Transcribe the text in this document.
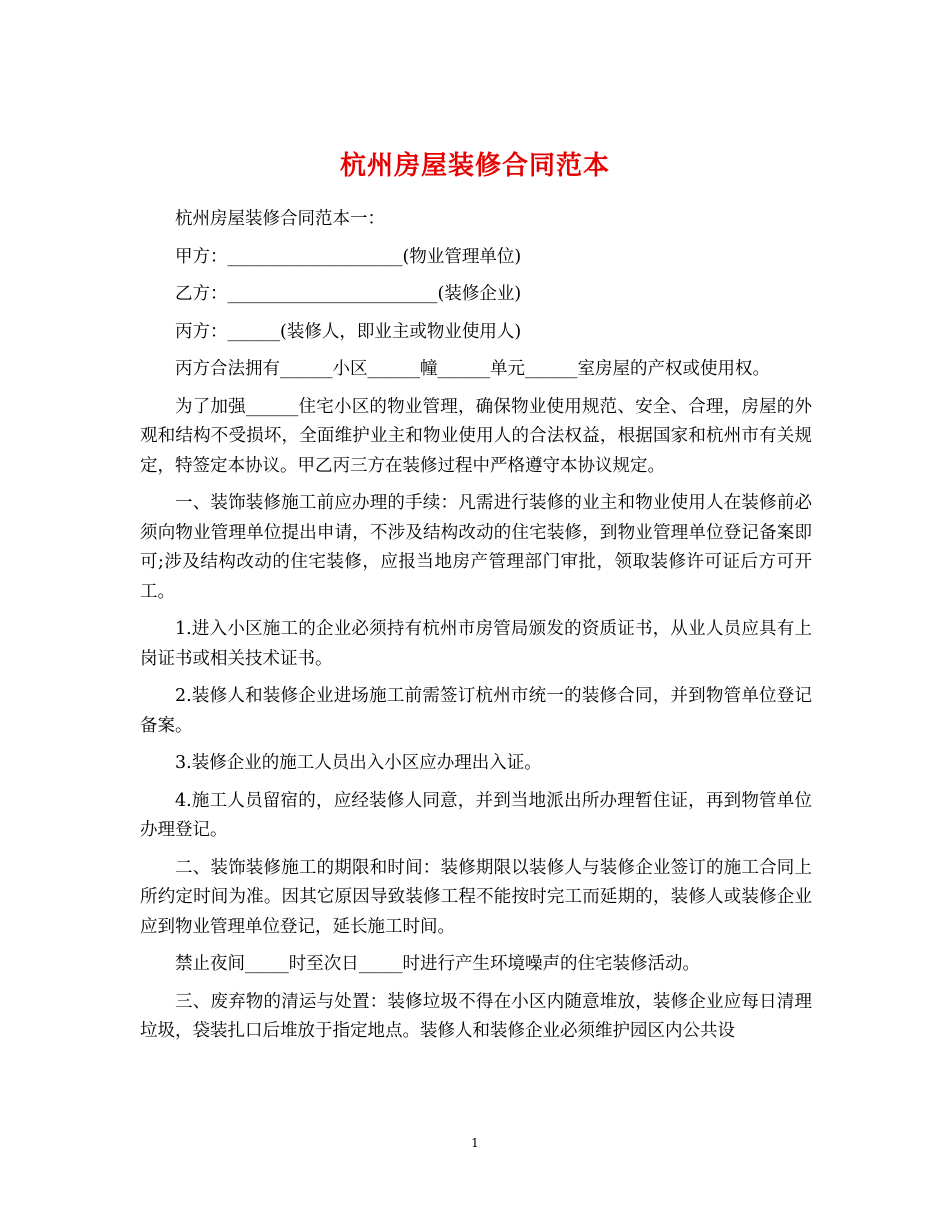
杭州房屋装修合同范本

杭州房屋装修合同范本一：

甲方：____________________(物业管理单位)

乙方：________________________(装修企业)

丙方：______(装修人，即业主或物业使用人)

丙方合法拥有______小区______幢______单元______室房屋的产权或使用权。

为了加强______住宅小区的物业管理，确保物业使用规范、安全、合理，房屋的外观和结构不受损坏，全面维护业主和物业使用人的合法权益，根据国家和杭州市有关规定，特签定本协议。甲乙丙三方在装修过程中严格遵守本协议规定。

一、装饰装修施工前应办理的手续：凡需进行装修的业主和物业使用人在装修前必须向物业管理单位提出申请，不涉及结构改动的住宅装修，到物业管理单位登记备案即可;涉及结构改动的住宅装修，应报当地房产管理部门审批，领取装修许可证后方可开工。

1.进入小区施工的企业必须持有杭州市房管局颁发的资质证书，从业人员应具有上岗证书或相关技术证书。

2.装修人和装修企业进场施工前需签订杭州市统一的装修合同，并到物管单位登记备案。

3.装修企业的施工人员出入小区应办理出入证。

4.施工人员留宿的，应经装修人同意，并到当地派出所办理暂住证，再到物管单位办理登记。

二、装饰装修施工的期限和时间：装修期限以装修人与装修企业签订的施工合同上所约定时间为准。因其它原因导致装修工程不能按时完工而延期的，装修人或装修企业应到物业管理单位登记，延长施工时间。

禁止夜间_____时至次日_____时进行产生环境噪声的住宅装修活动。

三、废弃物的清运与处置：装修垃圾不得在小区内随意堆放，装修企业应每日清理垃圾，袋装扎口后堆放于指定地点。装修人和装修企业必须维护园区内公共设

1
